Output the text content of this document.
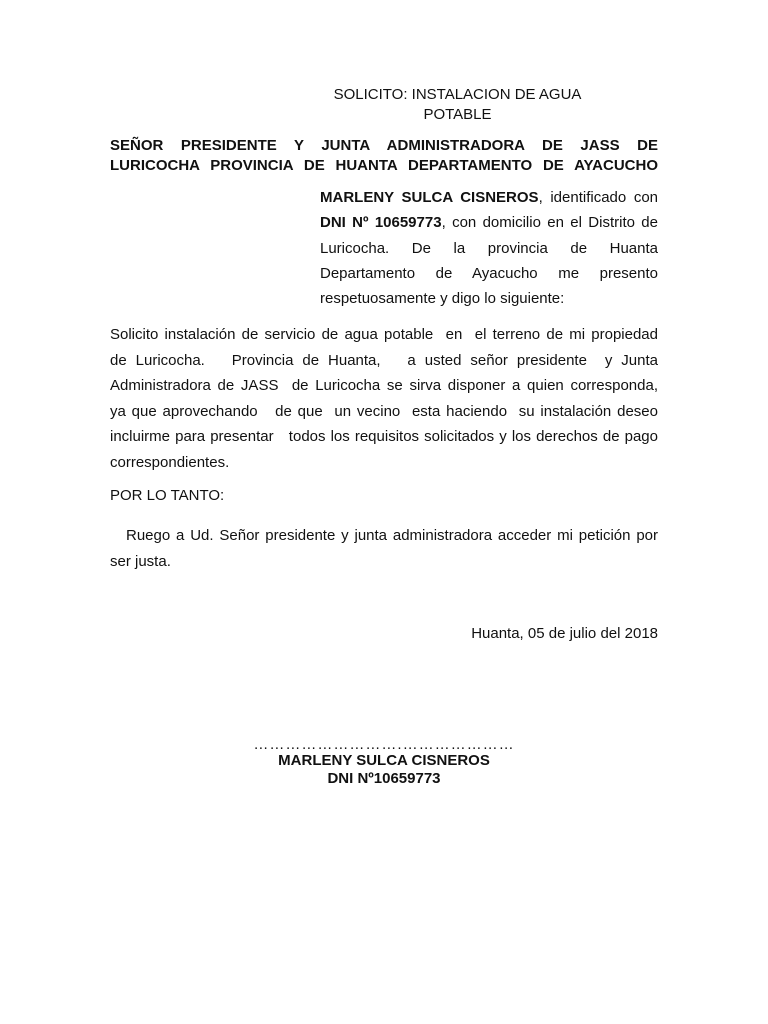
SOLICITO: INSTALACION DE AGUA
POTABLE
SEÑOR PRESIDENTE Y JUNTA ADMINISTRADORA DE JASS DE
LURICOCHA PROVINCIA DE HUANTA DEPARTAMENTO DE AYACUCHO
MARLENY SULCA CISNEROS, identificado con
DNI Nº 10659773, con domicilio en el Distrito de
Luricocha. De la provincia de Huanta
Departamento de Ayacucho me presento
respetuosamente y digo lo siguiente:
Solicito instalación de servicio de agua potable  en  el terreno de mi propiedad
de Luricocha.   Provincia de Huanta,   a usted señor presidente  y Junta
Administradora de JASS  de Luricocha se sirva disponer a quien corresponda,
ya que aprovechando   de que  un vecino  esta haciendo  su instalación deseo
incluirme para presentar   todos los requisitos solicitados y los derechos de pago
correspondientes.
POR LO TANTO:
Ruego a Ud. Señor presidente y junta administradora acceder mi petición por
ser justa.
Huanta, 05 de julio del 2018
……………………….…………………
MARLENY SULCA CISNEROS
DNI Nº10659773
